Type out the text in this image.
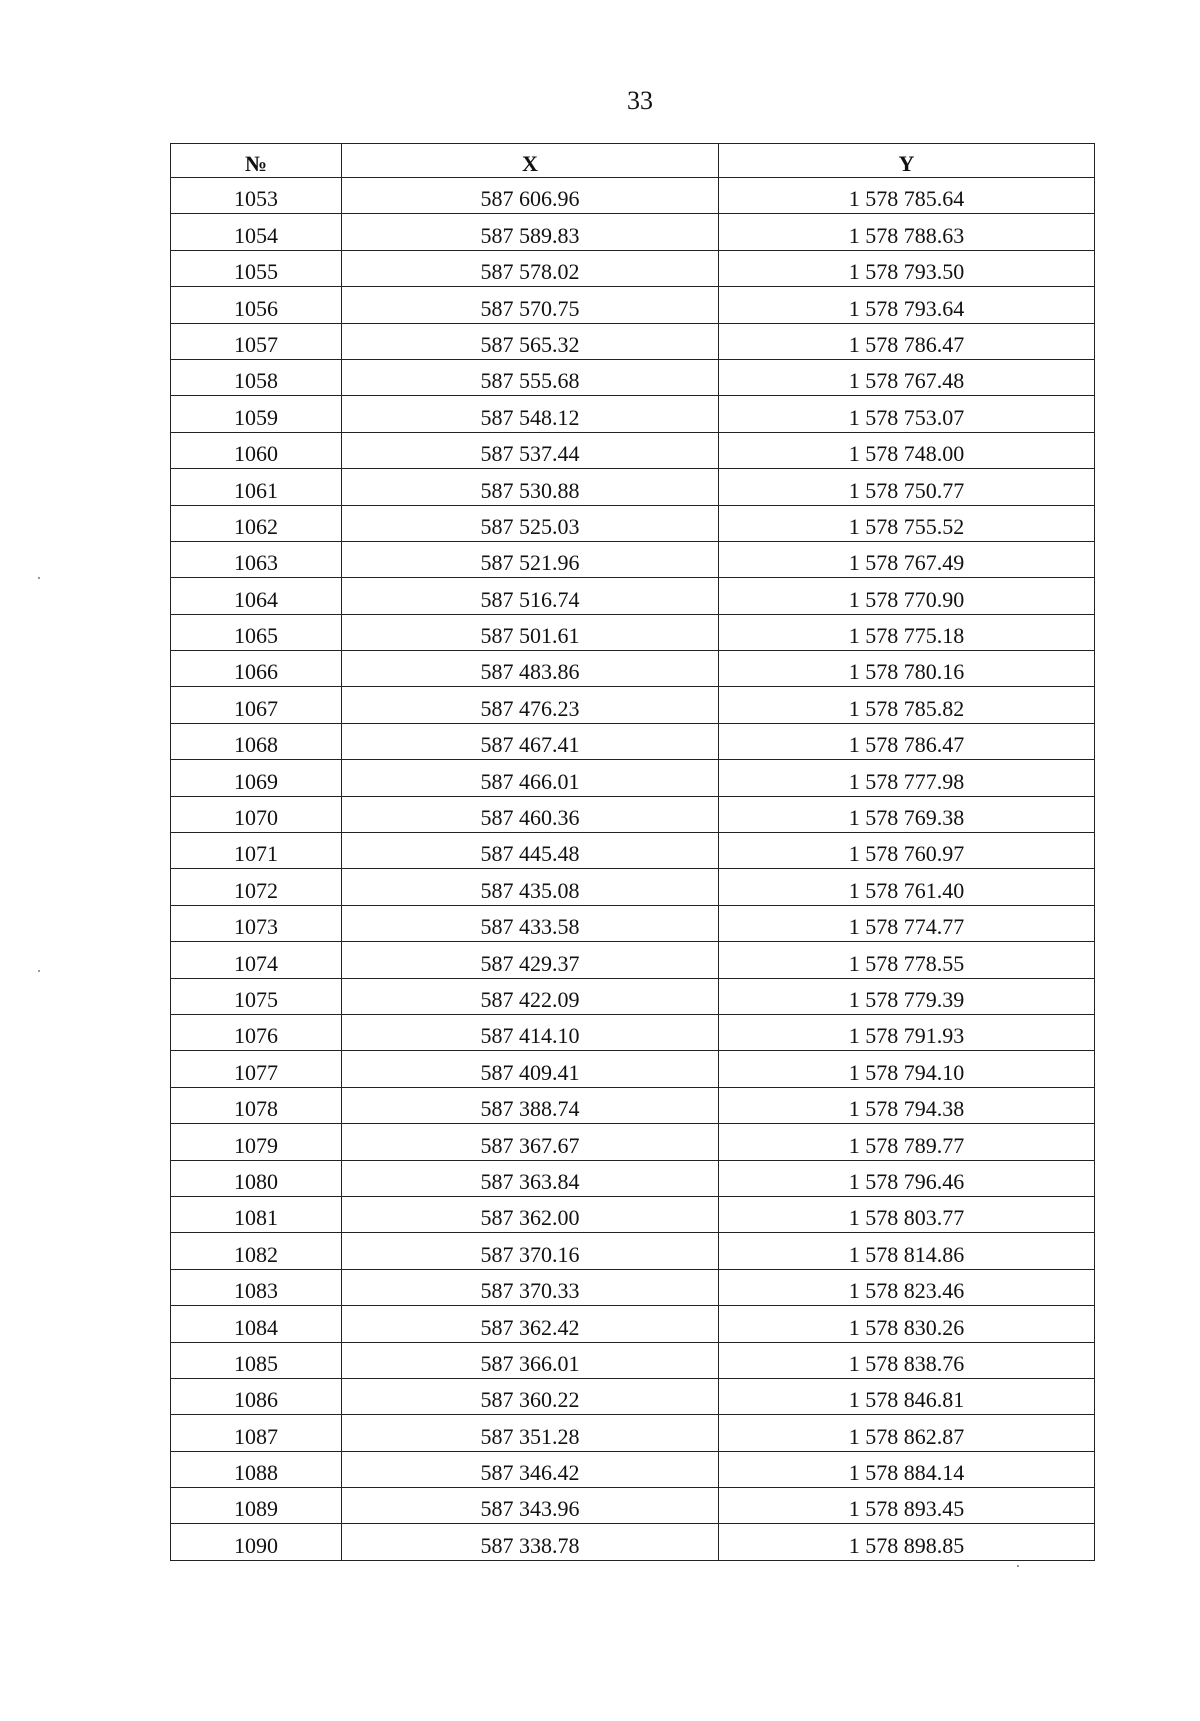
33
№	X	Y
1053	587 606.96	1 578 785.64
1054	587 589.83	1 578 788.63
1055	587 578.02	1 578 793.50
1056	587 570.75	1 578 793.64
1057	587 565.32	1 578 786.47
1058	587 555.68	1 578 767.48
1059	587 548.12	1 578 753.07
1060	587 537.44	1 578 748.00
1061	587 530.88	1 578 750.77
1062	587 525.03	1 578 755.52
1063	587 521.96	1 578 767.49
1064	587 516.74	1 578 770.90
1065	587 501.61	1 578 775.18
1066	587 483.86	1 578 780.16
1067	587 476.23	1 578 785.82
1068	587 467.41	1 578 786.47
1069	587 466.01	1 578 777.98
1070	587 460.36	1 578 769.38
1071	587 445.48	1 578 760.97
1072	587 435.08	1 578 761.40
1073	587 433.58	1 578 774.77
1074	587 429.37	1 578 778.55
1075	587 422.09	1 578 779.39
1076	587 414.10	1 578 791.93
1077	587 409.41	1 578 794.10
1078	587 388.74	1 578 794.38
1079	587 367.67	1 578 789.77
1080	587 363.84	1 578 796.46
1081	587 362.00	1 578 803.77
1082	587 370.16	1 578 814.86
1083	587 370.33	1 578 823.46
1084	587 362.42	1 578 830.26
1085	587 366.01	1 578 838.76
1086	587 360.22	1 578 846.81
1087	587 351.28	1 578 862.87
1088	587 346.42	1 578 884.14
1089	587 343.96	1 578 893.45
1090	587 338.78	1 578 898.85
